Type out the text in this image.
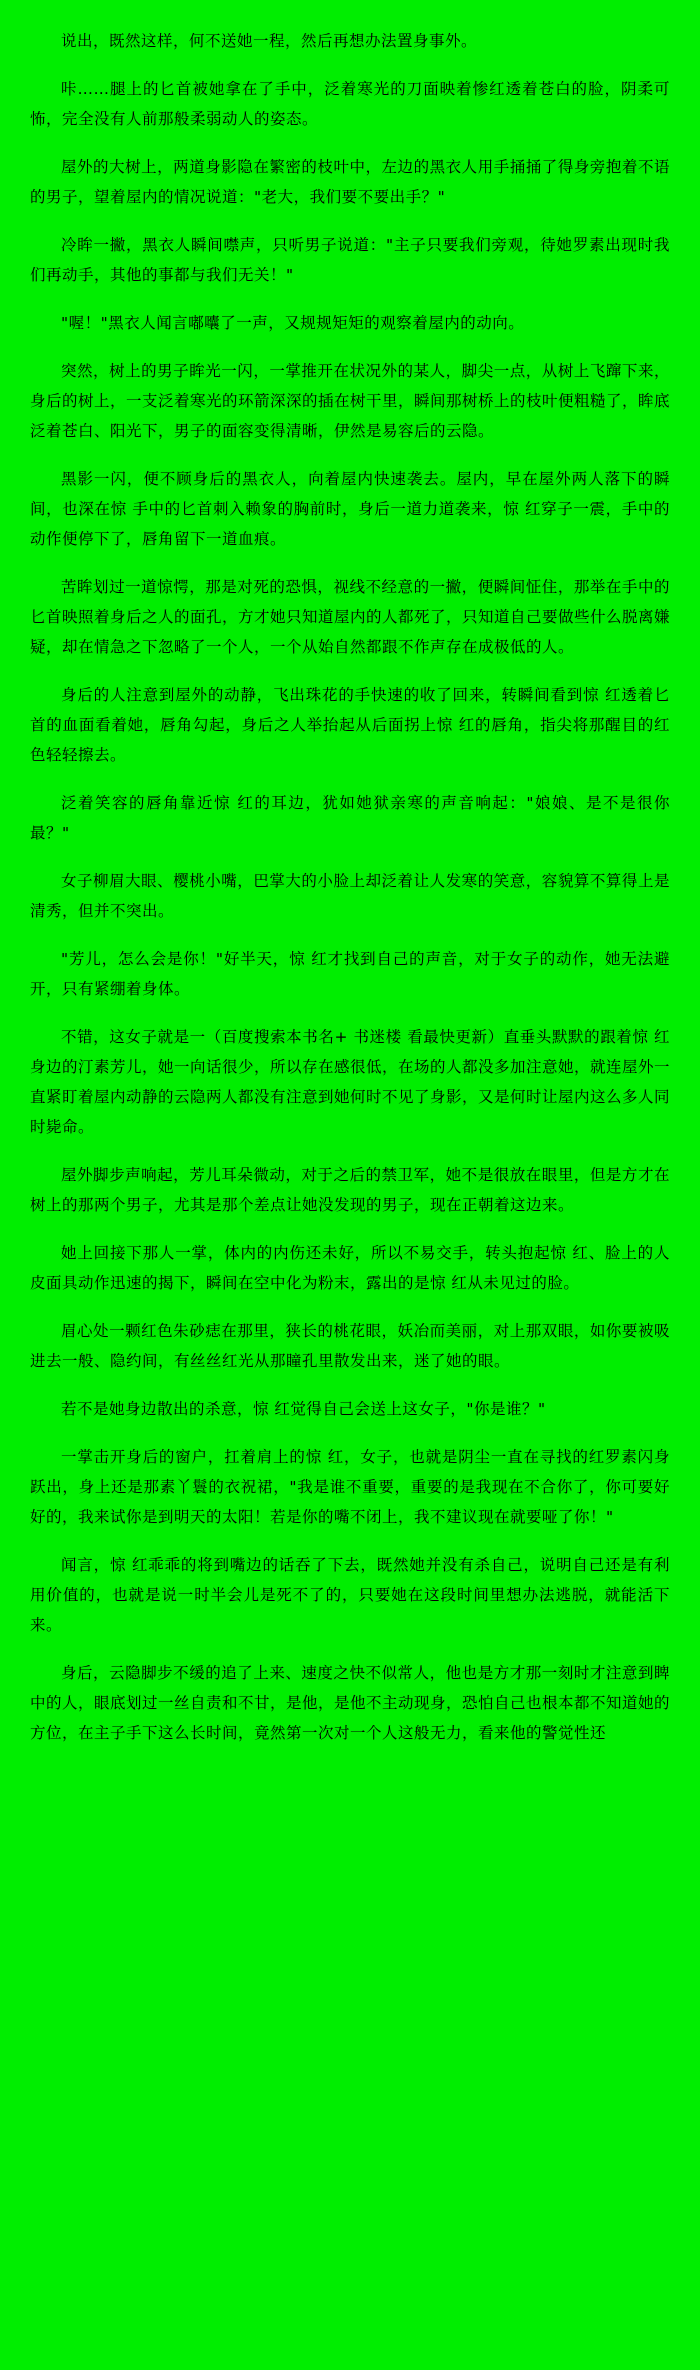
说出，既然这样，何不送她一程，然后再想办法置身事外。

咔……腿上的匕首被她拿在了手中，泛着寒光的刀面映着惨红透着苍白的脸，阴柔可怖，完全没有人前那般柔弱动人的姿态。

屋外的大树上，两道身影隐在繁密的枝叶中，左边的黑衣人用手捅捅了得身旁抱着不语的男子，望着屋内的情况说道："老大，我们要不要出手？"

冷眸一撇，黑衣人瞬间噤声，只听男子说道："主子只要我们旁观，待她罗素出现时我们再动手，其他的事都与我们无关！"

"喔！"黑衣人闻言嘟囔了一声，又规规矩矩的观察着屋内的动向。

突然，树上的男子眸光一闪，一掌推开在状况外的某人，脚尖一点，从树上飞蹿下来，身后的树上，一支泛着寒光的环箭深深的插在树干里，瞬间那树桥上的枝叶便粗糙了，眸底泛着苍白、阳光下，男子的面容变得清晰，伊然是易容后的云隐。

黑影一闪，便不顾身后的黑衣人，向着屋内快速袭去。屋内，早在屋外两人落下的瞬间，也深在惊 手中的匕首刺入赖象的胸前时，身后一道力道袭来，惊 红穿子一震，手中的动作便停下了，唇角留下一道血痕。

苦眸划过一道惊愕，那是对死的恐惧，视线不经意的一撇，便瞬间怔住，那举在手中的匕首映照着身后之人的面孔，方才她只知道屋内的人都死了，只知道自己要做些什么脱离嫌疑，却在情急之下忽略了一个人，一个从始自然都跟不作声存在成极低的人。

身后的人注意到屋外的动静，飞出珠花的手快速的收了回来，转瞬间看到惊 红透着匕首的血面看着她，唇角勾起，身后之人举抬起从后面拐上惊 红的唇角，指尖将那醒目的红色轻轻擦去。

泛着笑容的唇角靠近惊 红的耳边，犹如她狱亲寒的声音响起："娘娘、是不是很你最？"

女子柳眉大眼、樱桃小嘴，巴掌大的小脸上却泛着让人发寒的笑意，容貌算不算得上是清秀，但并不突出。

"芳儿，怎么会是你！"好半天，惊 红才找到自己的声音，对于女子的动作，她无法避开，只有紧绷着身体。

不错，这女子就是一（百度搜索本书名+ 书迷楼 看最快更新）直垂头默默的跟着惊 红身边的汀素芳儿，她一向话很少，所以存在感很低，在场的人都没多加注意她，就连屋外一直紧盯着屋内动静的云隐两人都没有注意到她何时不见了身影，又是何时让屋内这么多人同时毙命。

屋外脚步声响起，芳儿耳朵微动，对于之后的禁卫军，她不是很放在眼里，但是方才在树上的那两个男子，尤其是那个差点让她没发现的男子，现在正朝着这边来。

她上回接下那人一掌，体内的内伤还未好，所以不易交手，转头抱起惊 红、脸上的人皮面具动作迅速的揭下，瞬间在空中化为粉末，露出的是惊 红从未见过的脸。

眉心处一颗红色朱砂痣在那里，狭长的桃花眼，妖冶而美丽，对上那双眼，如你要被吸进去一般、隐约间，有丝丝红光从那瞳孔里散发出来，迷了她的眼。

若不是她身边散出的杀意，惊 红觉得自己会送上这女子，"你是谁？"

一掌击开身后的窗户，扛着肩上的惊 红，女子，也就是阴尘一直在寻找的红罗素闪身跃出，身上还是那素丫鬟的衣祝裙，"我是谁不重要，重要的是我现在不合你了，你可要好好的，我来试你是到明天的太阳！若是你的嘴不闭上，我不建议现在就要哑了你！"

闻言，惊 红乖乖的将到嘴边的话吞了下去，既然她并没有杀自己，说明自己还是有利用价值的，也就是说一时半会儿是死不了的，只要她在这段时间里想办法逃脱，就能活下来。

身后，云隐脚步不缓的追了上来、速度之快不似常人，他也是方才那一刻时才注意到睥中的人，眼底划过一丝自责和不甘，是他，是他不主动现身，恐怕自己也根本都不知道她的方位，在主子手下这么长时间，竟然第一次对一个人这般无力，看来他的警觉性还
